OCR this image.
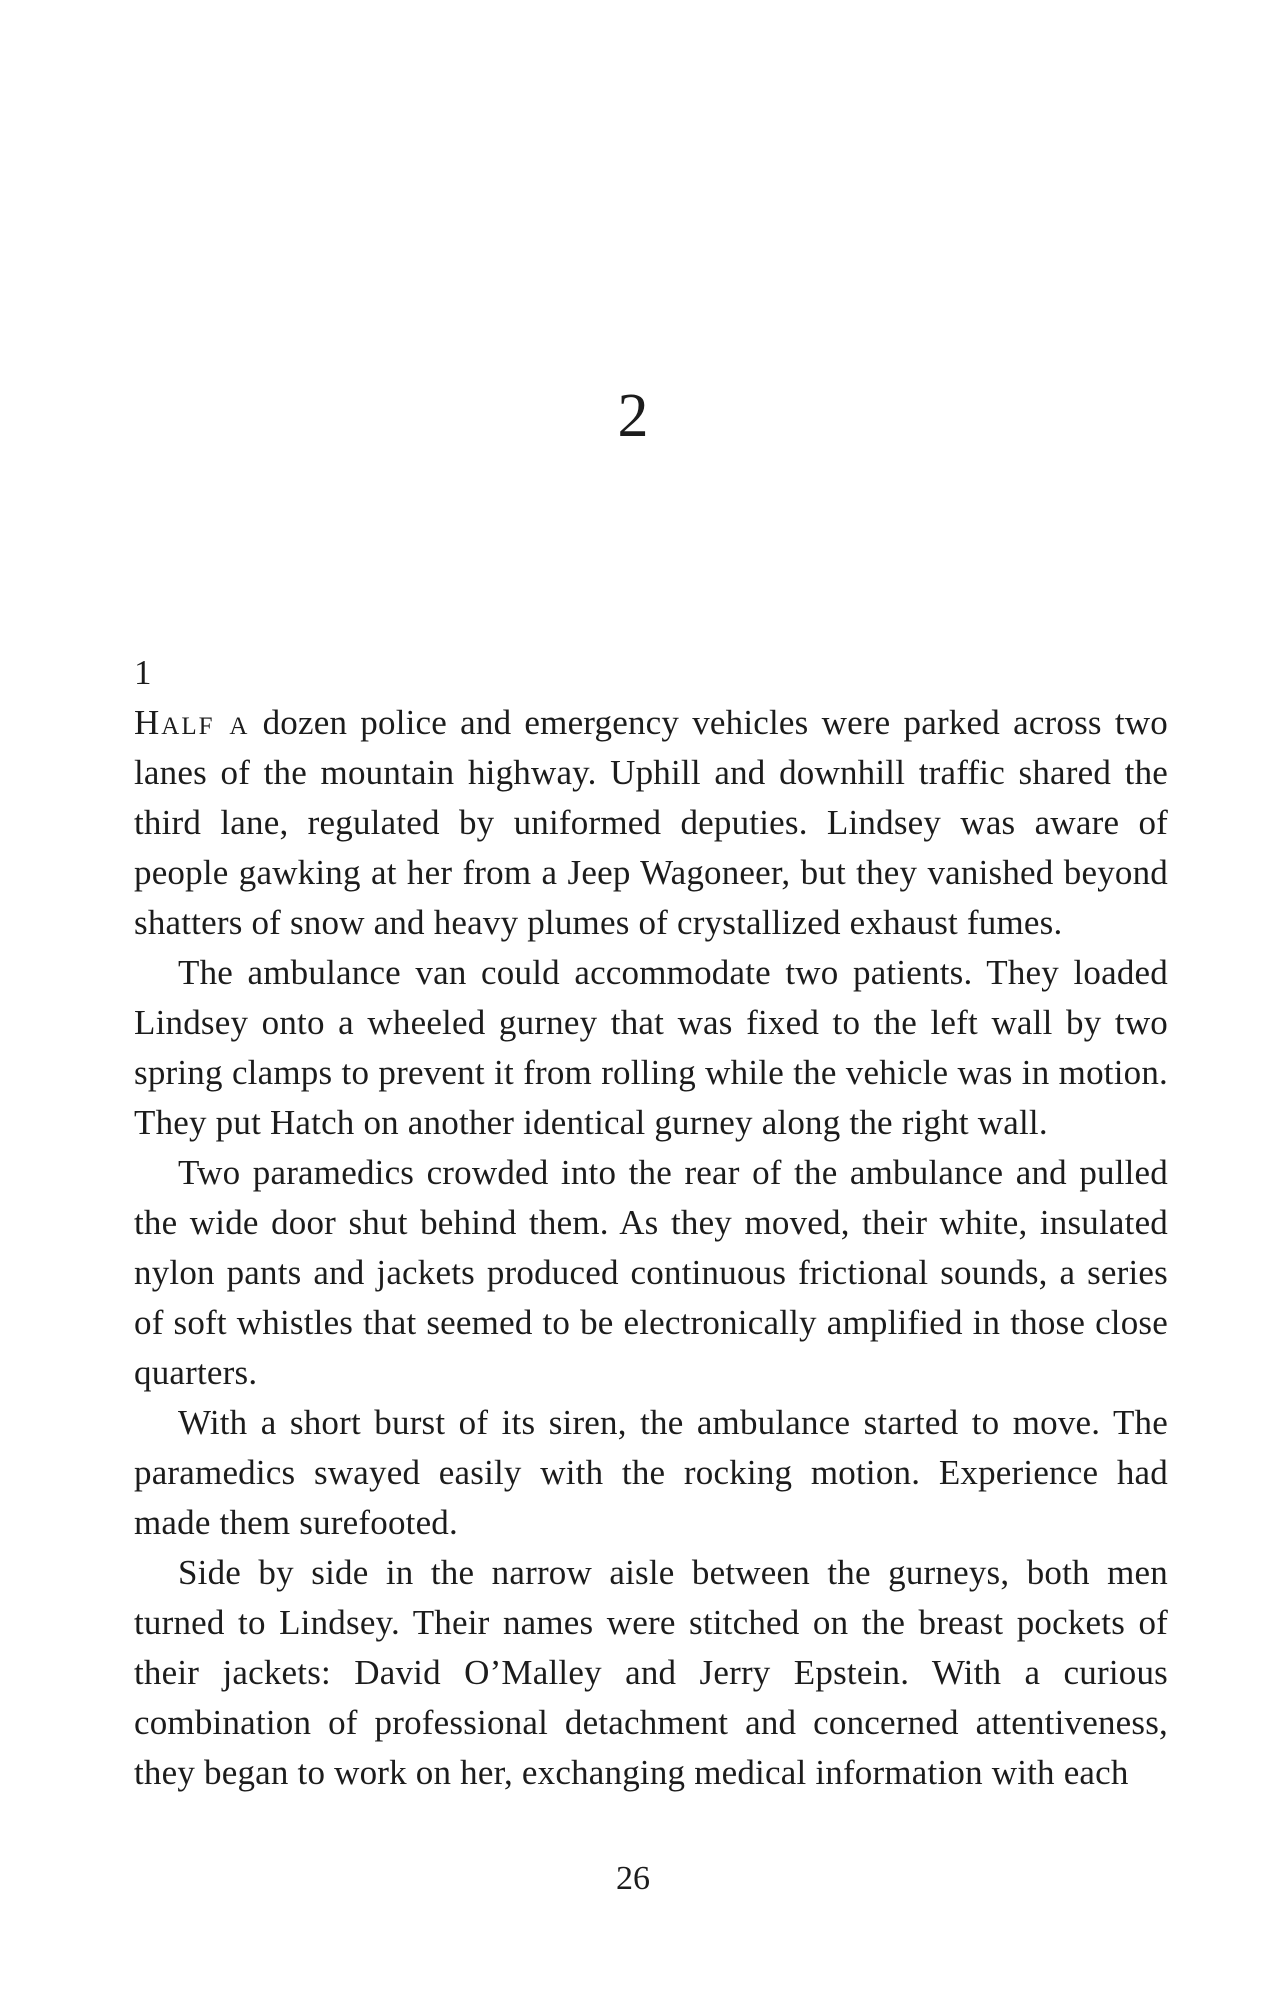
2

1

Half a dozen police and emergency vehicles were parked across two lanes of the mountain highway. Uphill and downhill traffic shared the third lane, regulated by uniformed deputies. Lindsey was aware of people gawking at her from a Jeep Wagoneer, but they vanished beyond shatters of snow and heavy plumes of crystallized exhaust fumes.

The ambulance van could accommodate two patients. They loaded Lindsey onto a wheeled gurney that was fixed to the left wall by two spring clamps to prevent it from rolling while the vehicle was in motion. They put Hatch on another identical gurney along the right wall.

Two paramedics crowded into the rear of the ambulance and pulled the wide door shut behind them. As they moved, their white, insulated nylon pants and jackets produced continuous frictional sounds, a series of soft whistles that seemed to be electronically amplified in those close quarters.

With a short burst of its siren, the ambulance started to move. The paramedics swayed easily with the rocking motion. Experience had made them surefooted.

Side by side in the narrow aisle between the gurneys, both men turned to Lindsey. Their names were stitched on the breast pockets of their jackets: David O’Malley and Jerry Epstein. With a curious combination of professional detachment and concerned attentiveness, they began to work on her, exchanging medical information with each

26
